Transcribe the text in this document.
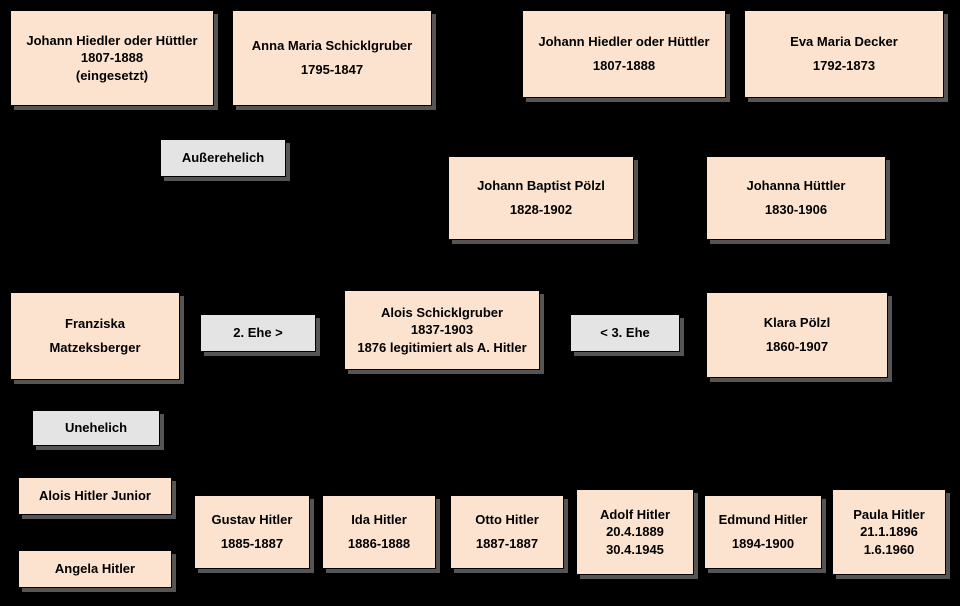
Johann Hiedler oder Hüttler
1807-1888
(eingesetzt)
Anna Maria Schicklgruber
1795-1847
Johann Hiedler oder Hüttler
1807-1888
Eva Maria Decker
1792-1873
Außerehelich
Johann Baptist Pölzl
1828-1902
Johanna Hüttler
1830-1906
Franziska
Matzeksberger
2. Ehe >
Alois Schicklgruber
1837-1903
1876 legitimiert als A. Hitler
< 3. Ehe
Klara Pölzl
1860-1907
Unehelich
Alois Hitler Junior
Angela Hitler
Gustav Hitler
1885-1887
Ida Hitler
1886-1888
Otto Hitler
1887-1887
Adolf Hitler
20.4.1889
30.4.1945
Edmund Hitler
1894-1900
Paula Hitler
21.1.1896
1.6.1960
